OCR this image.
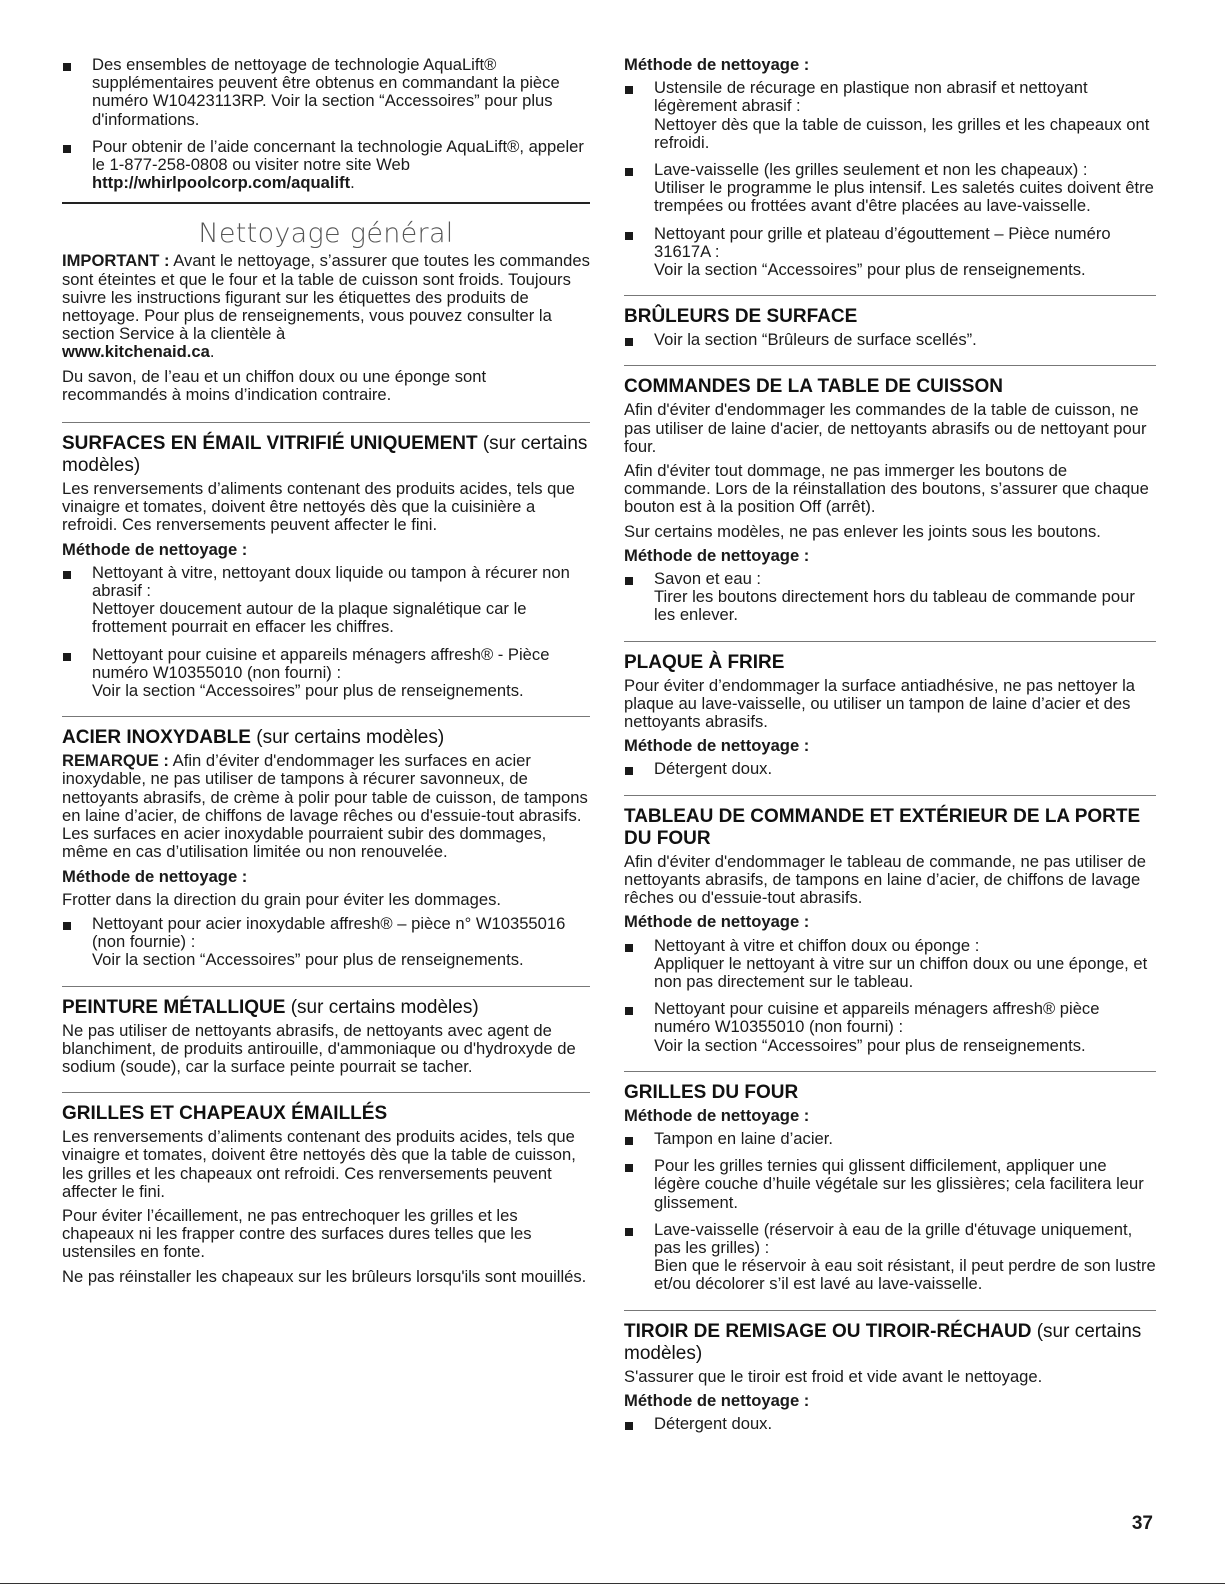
Des ensembles de nettoyage de technologie AquaLift® supplémentaires peuvent être obtenus en commandant la pièce numéro W10423113RP. Voir la section “Accessoires” pour plus d'informations.
Pour obtenir de l’aide concernant la technologie AquaLift®, appeler le 1-877-258-0808 ou visiter notre site Web
http://whirlpoolcorp.com/aqualift.
Nettoyage général

IMPORTANT : Avant le nettoyage, s’assurer que toutes les commandes sont éteintes et que le four et la table de cuisson sont froids. Toujours suivre les instructions figurant sur les étiquettes des produits de nettoyage. Pour plus de renseignements, vous pouvez consulter la section Service à la clientèle à
www.kitchenaid.ca.

Du savon, de l’eau et un chiffon doux ou une éponge sont recommandés à moins d’indication contraire.

SURFACES EN ÉMAIL VITRIFIÉ UNIQUEMENT (sur certains modèles)

Les renversements d’aliments contenant des produits acides, tels que vinaigre et tomates, doivent être nettoyés dès que la cuisinière a refroidi. Ces renversements peuvent affecter le fini.

Méthode de nettoyage :
Nettoyant à vitre, nettoyant doux liquide ou tampon à récurer non abrasif :
Nettoyer doucement autour de la plaque signalétique car le frottement pourrait en effacer les chiffres.
Nettoyant pour cuisine et appareils ménagers affresh® - Pièce numéro W10355010 (non fourni) :
Voir la section “Accessoires” pour plus de renseignements.
ACIER INOXYDABLE (sur certains modèles)

REMARQUE : Afin d’éviter d'endommager les surfaces en acier inoxydable, ne pas utiliser de tampons à récurer savonneux, de nettoyants abrasifs, de crème à polir pour table de cuisson, de tampons en laine d’acier, de chiffons de lavage rêches ou d'essuie-tout abrasifs. Les surfaces en acier inoxydable pourraient subir des dommages, même en cas d’utilisation limitée ou non renouvelée.

Méthode de nettoyage :

Frotter dans la direction du grain pour éviter les dommages.

Nettoyant pour acier inoxydable affresh® – pièce n° W10355016 (non fournie) :
Voir la section “Accessoires” pour plus de renseignements.
PEINTURE MÉTALLIQUE (sur certains modèles)

Ne pas utiliser de nettoyants abrasifs, de nettoyants avec agent de blanchiment, de produits antirouille, d'ammoniaque ou d'hydroxyde de sodium (soude), car la surface peinte pourrait se tacher.

GRILLES ET CHAPEAUX ÉMAILLÉS

Les renversements d’aliments contenant des produits acides, tels que vinaigre et tomates, doivent être nettoyés dès que la table de cuisson, les grilles et les chapeaux ont refroidi. Ces renversements peuvent affecter le fini.

Pour éviter l’écaillement, ne pas entrechoquer les grilles et les chapeaux ni les frapper contre des surfaces dures telles que les ustensiles en fonte.

Ne pas réinstaller les chapeaux sur les brûleurs lorsqu'ils sont mouillés.

Méthode de nettoyage :
Ustensile de récurage en plastique non abrasif et nettoyant légèrement abrasif :
Nettoyer dès que la table de cuisson, les grilles et les chapeaux ont refroidi.
Lave-vaisselle (les grilles seulement et non les chapeaux) :
Utiliser le programme le plus intensif. Les saletés cuites doivent être trempées ou frottées avant d'être placées au lave-vaisselle.
Nettoyant pour grille et plateau d’égouttement – Pièce numéro 31617A :
Voir la section “Accessoires” pour plus de renseignements.
BRÛLEURS DE SURFACE
Voir la section “Brûleurs de surface scellés”.
COMMANDES DE LA TABLE DE CUISSON

Afin d'éviter d'endommager les commandes de la table de cuisson, ne pas utiliser de laine d'acier, de nettoyants abrasifs ou de nettoyant pour four.

Afin d'éviter tout dommage, ne pas immerger les boutons de commande. Lors de la réinstallation des boutons, s’assurer que chaque bouton est à la position Off (arrêt).

Sur certains modèles, ne pas enlever les joints sous les boutons.

Méthode de nettoyage :
Savon et eau :
Tirer les boutons directement hors du tableau de commande pour les enlever.
PLAQUE À FRIRE

Pour éviter d’endommager la surface antiadhésive, ne pas nettoyer la plaque au lave-vaisselle, ou utiliser un tampon de laine d’acier et des nettoyants abrasifs.

Méthode de nettoyage :
Détergent doux.
TABLEAU DE COMMANDE ET EXTÉRIEUR DE LA PORTE DU FOUR

Afin d'éviter d'endommager le tableau de commande, ne pas utiliser de nettoyants abrasifs, de tampons en laine d’acier, de chiffons de lavage rêches ou d'essuie-tout abrasifs.

Méthode de nettoyage :
Nettoyant à vitre et chiffon doux ou éponge :
Appliquer le nettoyant à vitre sur un chiffon doux ou une éponge, et non pas directement sur le tableau.
Nettoyant pour cuisine et appareils ménagers affresh® pièce numéro W10355010 (non fourni) :
Voir la section “Accessoires” pour plus de renseignements.
GRILLES DU FOUR
Méthode de nettoyage :
Tampon en laine d’acier.
Pour les grilles ternies qui glissent difficilement, appliquer une légère couche d’huile végétale sur les glissières; cela facilitera leur glissement.
Lave-vaisselle (réservoir à eau de la grille d'étuvage uniquement, pas les grilles) :
Bien que le réservoir à eau soit résistant, il peut perdre de son lustre et/ou décolorer s’il est lavé au lave-vaisselle.
TIROIR DE REMISAGE OU TIROIR-RÉCHAUD (sur certains modèles)

S'assurer que le tiroir est froid et vide avant le nettoyage.

Méthode de nettoyage :
Détergent doux.
37
